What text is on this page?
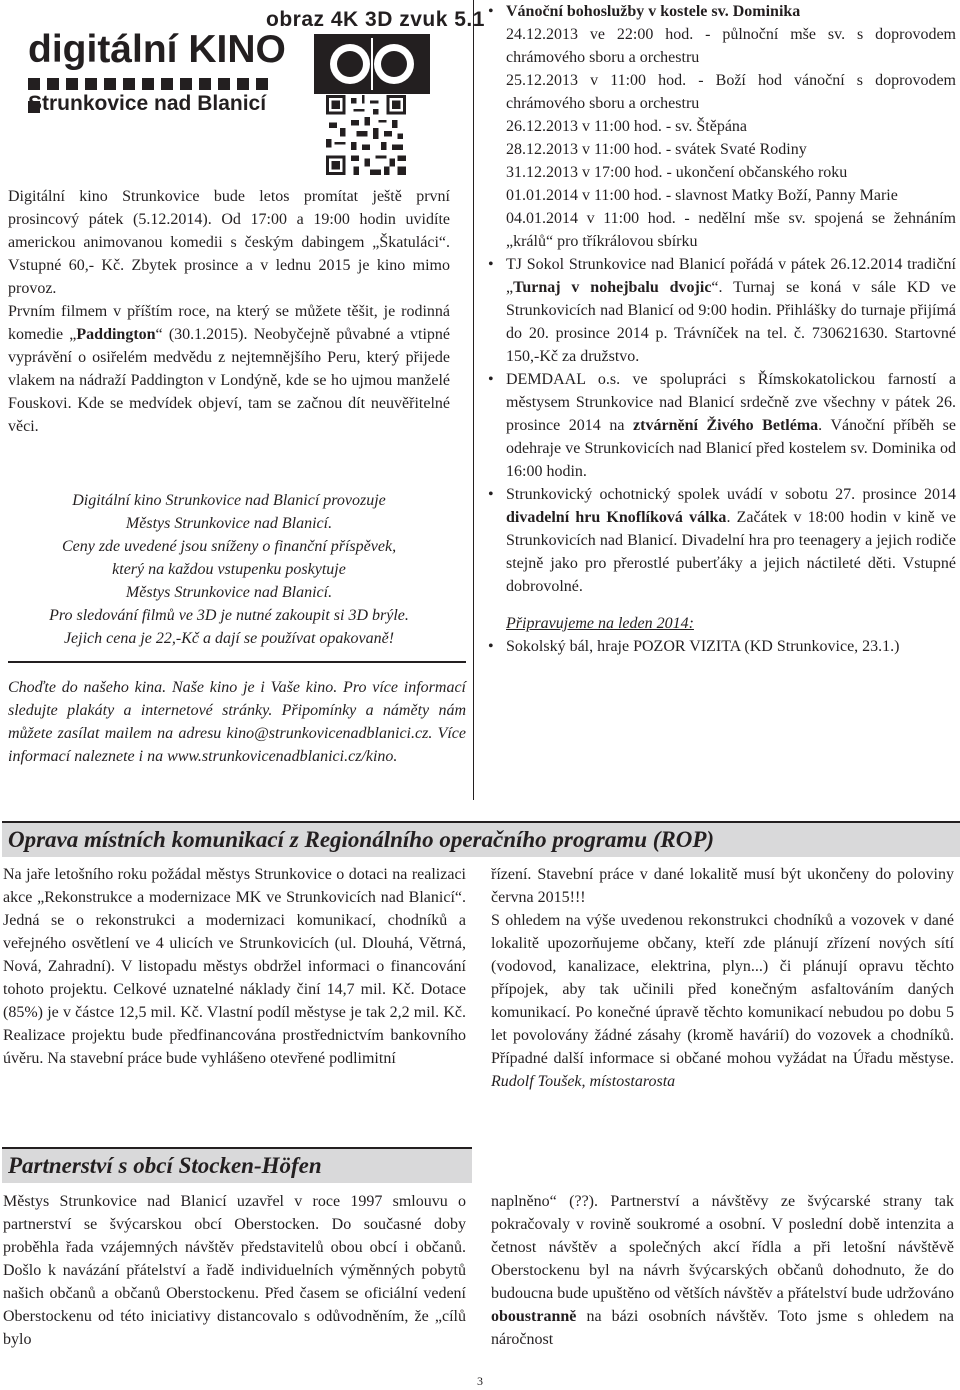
obraz 4K 3D zvuk 5.1
digitální KINO
Strunkovice nad Blanicí

Digitální kino Strunkovice bude letos promítat ještě první prosincový pátek (5.12.2014). Od 17:00 a 19:00 hodin uvidíte americkou animovanou komedii s českým dabingem „Škatuláci“. Vstupné 60,- Kč. Zbytek prosince a v lednu 2015 je kino mimo provoz.

Prvním filmem v příštím roce, na který se můžete těšit, je rodinná komedie „Paddington“ (30.1.2015). Neobyčejně půvabné a vtipné vyprávění o osiřelém medvědu z nejtemnějšího Peru, který přijede vlakem na nádraží Paddington v Londýně, kde se ho ujmou manželé Fouskovi. Kde se medvídek objeví, tam se začnou dít neuvěřitelné věci.

Digitální kino Strunkovice nad Blanicí provozuje
Městys Strunkovice nad Blanicí.
Ceny zde uvedené jsou sníženy o finanční příspěvek,
který na každou vstupenku poskytuje
Městys Strunkovice nad Blanicí.
Pro sledování filmů ve 3D je nutné zakoupit si 3D brýle.
Jejich cena je 22,-Kč a dají se používat opakovaně!
Choďte do našeho kina. Naše kino je i Vaše kino. Pro více informací sledujte plakáty a internetové stránky. Připomínky a náměty nám můžete zasílat mailem na adresu kino@strunkovicenadblanici.cz. Více informací naleznete i na www.strunkovicenadblanici.cz/kino.
• Vánoční bohoslužby v kostele sv. Dominika
24.12.2013 ve 22:00 hod. - půlnoční mše sv. s doprovodem chrámového sboru a orchestru
25.12.2013 v 11:00 hod. - Boží hod vánoční s doprovodem chrámového sboru a orchestru
26.12.2013 v 11:00 hod. - sv. Štěpána
28.12.2013 v 11:00 hod. - svátek Svaté Rodiny
31.12.2013 v 17:00 hod. - ukončení občanského roku
01.01.2014 v 11:00 hod. - slavnost Matky Boží, Panny Marie
04.01.2014 v 11:00 hod. - nedělní mše sv. spojená se žehnáním „králů“ pro tříkrálovou sbírku
• TJ Sokol Strunkovice nad Blanicí pořádá v pátek 26.12.2014 tradiční „Turnaj v nohejbalu dvojic“. Turnaj se koná v sále KD ve Strunkovicích nad Blanicí od 9:00 hodin. Přihlášky do turnaje přijímá do 20. prosince 2014 p. Trávníček na tel. č. 730621630. Startovné 150,-Kč za družstvo.
• DEMDAAL o.s. ve spolupráci s Římskokatolickou farností a městysem Strunkovice nad Blanicí srdečně zve všechny v pátek 26. prosince 2014 na ztvárnění Živého Betléma. Vánoční příběh se odehraje ve Strunkovicích nad Blanicí před kostelem sv. Dominika od 16:00 hodin.
• Strunkovický ochotnický spolek uvádí v sobotu 27. prosince 2014 divadelní hru Knoflíková válka. Začátek v 18:00 hodin v kině ve Strunkovicích nad Blanicí. Divadelní hra pro teenagery a jejich rodiče stejně jako pro přerostlé puberťáky a jejich náctileté děti. Vstupné dobrovolné.
Připravujeme na leden 2014:
• Sokolský bál, hraje POZOR VIZITA (KD Strunkovice, 23.1.)
Oprava místních komunikací z Regionálního operačního programu (ROP)
Na jaře letošního roku požádal městys Strunkovice o dotaci na realizaci akce „Rekonstrukce a modernizace MK ve Strunkovicích nad Blanicí“. Jedná se o rekonstrukci a modernizaci komunikací, chodníků a veřejného osvětlení ve 4 ulicích ve Strunkovicích (ul. Dlouhá, Větrná, Nová, Zahradní). V listopadu městys obdržel informaci o financování tohoto projektu. Celkové uznatelné náklady činí 14,7 mil. Kč. Dotace (85%) je v částce 12,5 mil. Kč. Vlastní podíl městyse je tak 2,2 mil. Kč. Realizace projektu bude předfinancována prostřednictvím bankovního úvěru. Na stavební práce bude vyhlášeno otevřené podlimitní

řízení. Stavební práce v dané lokalitě musí být ukončeny do poloviny června 2015!!!

S ohledem na výše uvedenou rekonstrukci chodníků a vozovek v dané lokalitě upozorňujeme občany, kteří zde plánují zřízení nových sítí (vodovod, kanalizace, elektrina, plyn...) či plánují opravu těchto přípojek, aby tak učinili před konečným asfaltováním daných komunikací. Po konečné úpravě těchto komunikací nebudou po dobu 5 let povolovány žádné zásahy (kromě havárií) do vozovek a chodníků. Případné další informace si občané mohou vyžádat na Úřadu městyse. Rudolf Toušek, místostarosta

Partnerství s obcí Stocken-Höfen
Městys Strunkovice nad Blanicí uzavřel v roce 1997 smlouvu o partnerství se švýcarskou obcí Oberstocken. Do současné doby proběhla řada vzájemných návštěv představitelů obou obcí i občanů. Došlo k navázání přátelství a řadě individuelních výměnných pobytů našich občanů a občanů Oberstockenu. Před časem se oficiální vedení Oberstockenu od této iniciativy distancovalo s odůvodněním, že „cílů bylo
naplněno“ (??). Partnerství a návštěvy ze švýcarské strany tak pokračovaly v rovině soukromé a osobní. V poslední době intenzita a četnost návštěv a společných akcí řídla a při letošní návštěvě Oberstockenu byl na návrh švýcarských občanů dohodnuto, že do budoucna bude upuštěno od větších návštěv a přátelství bude udržováno oboustranně na bázi osobních návštěv. Toto jsme s ohledem na náročnost
3
